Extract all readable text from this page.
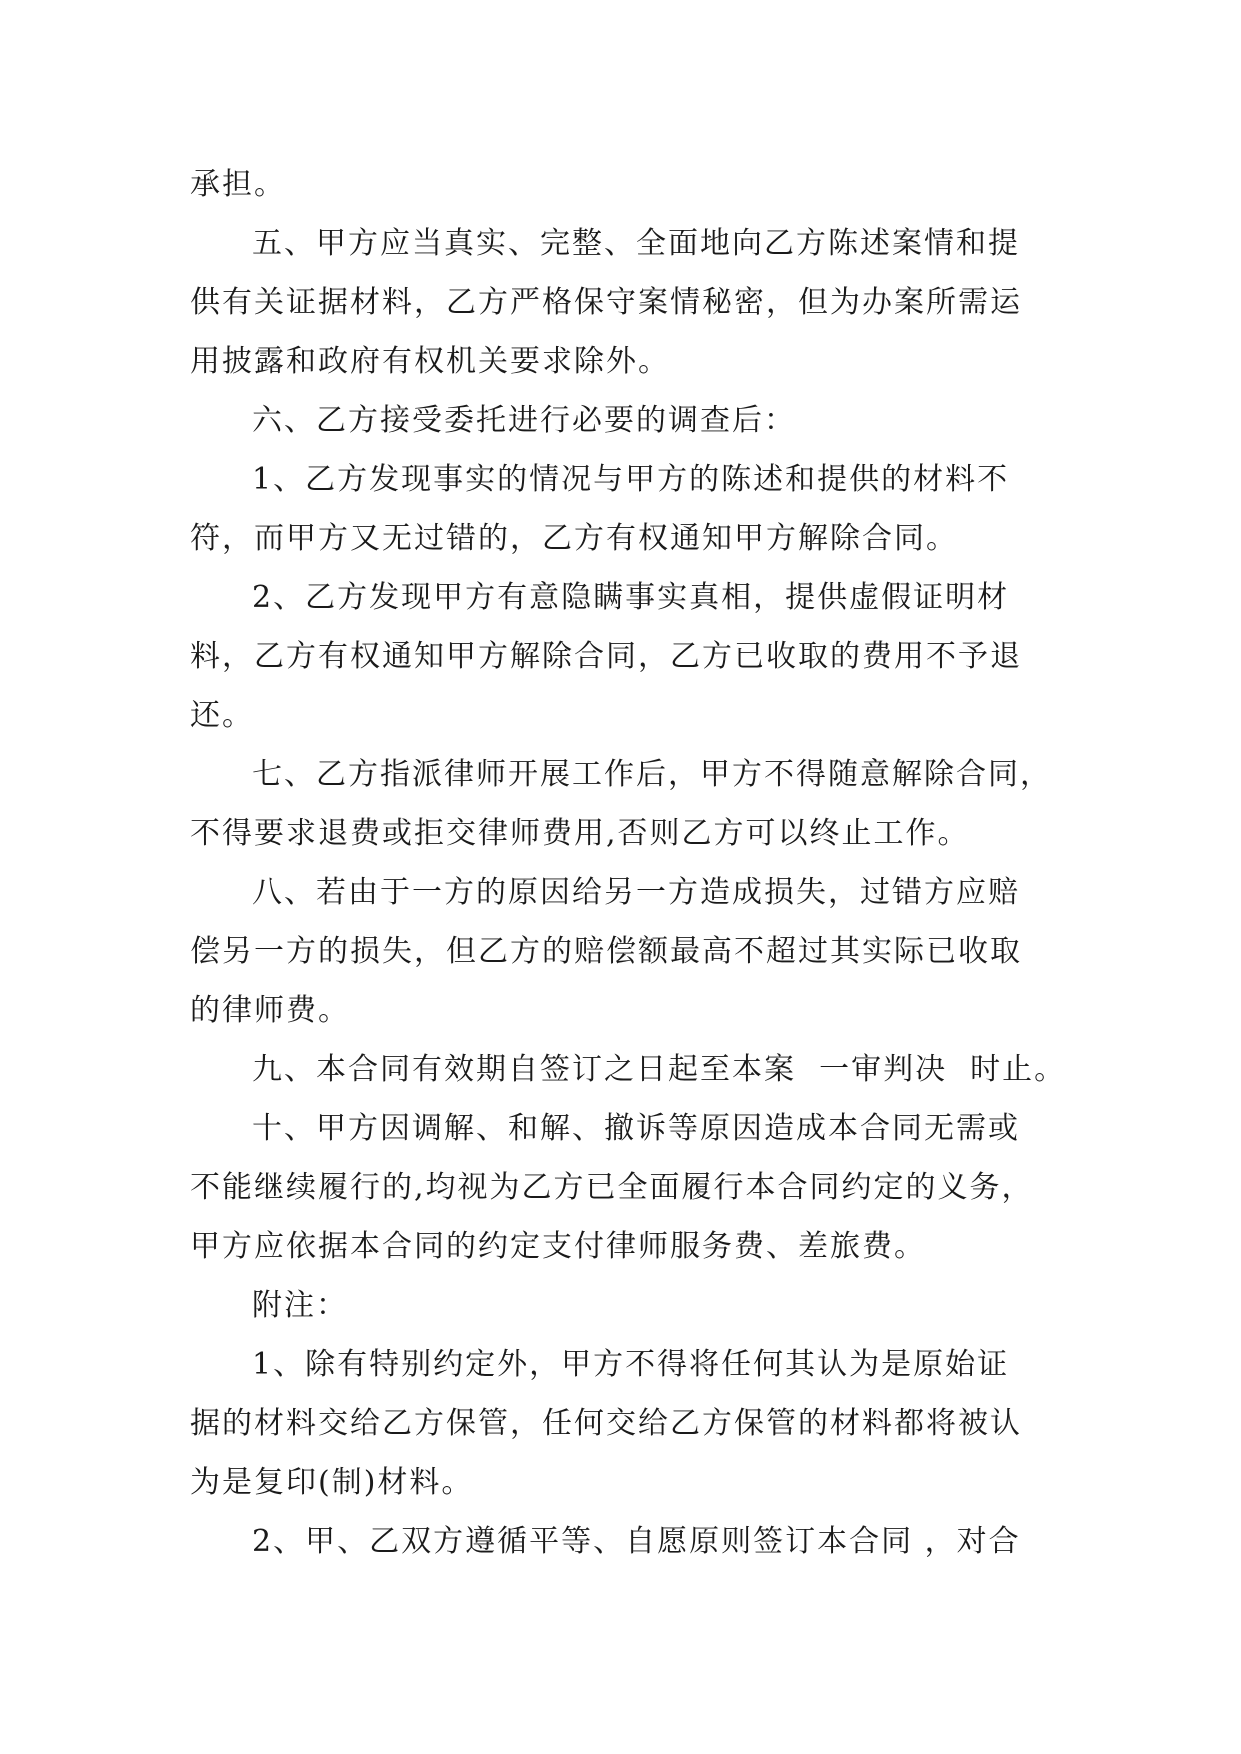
承担。
五、甲方应当真实、完整、全面地向乙方陈述案情和提
供有关证据材料，乙方严格保守案情秘密，但为办案所需运
用披露和政府有权机关要求除外。
六、乙方接受委托进行必要的调查后：
1、乙方发现事实的情况与甲方的陈述和提供的材料不
符，而甲方又无过错的，乙方有权通知甲方解除合同。
2、乙方发现甲方有意隐瞒事实真相，提供虚假证明材
料，乙方有权通知甲方解除合同，乙方已收取的费用不予退
还。
七、乙方指派律师开展工作后，甲方不得随意解除合同，
不得要求退费或拒交律师费用,否则乙方可以终止工作。
八、若由于一方的原因给另一方造成损失，过错方应赔
偿另一方的损失，但乙方的赔偿额最高不超过其实际已收取
的律师费。
九、本合同有效期自签订之日起至本案  一审判决  时止。
十、甲方因调解、和解、撤诉等原因造成本合同无需或
不能继续履行的,均视为乙方已全面履行本合同约定的义务，
甲方应依据本合同的约定支付律师服务费、差旅费。
附注：
1、除有特别约定外，甲方不得将任何其认为是原始证
据的材料交给乙方保管，任何交给乙方保管的材料都将被认
为是复印(制)材料。
2、甲、乙双方遵循平等、自愿原则签订本合同 ，对合
